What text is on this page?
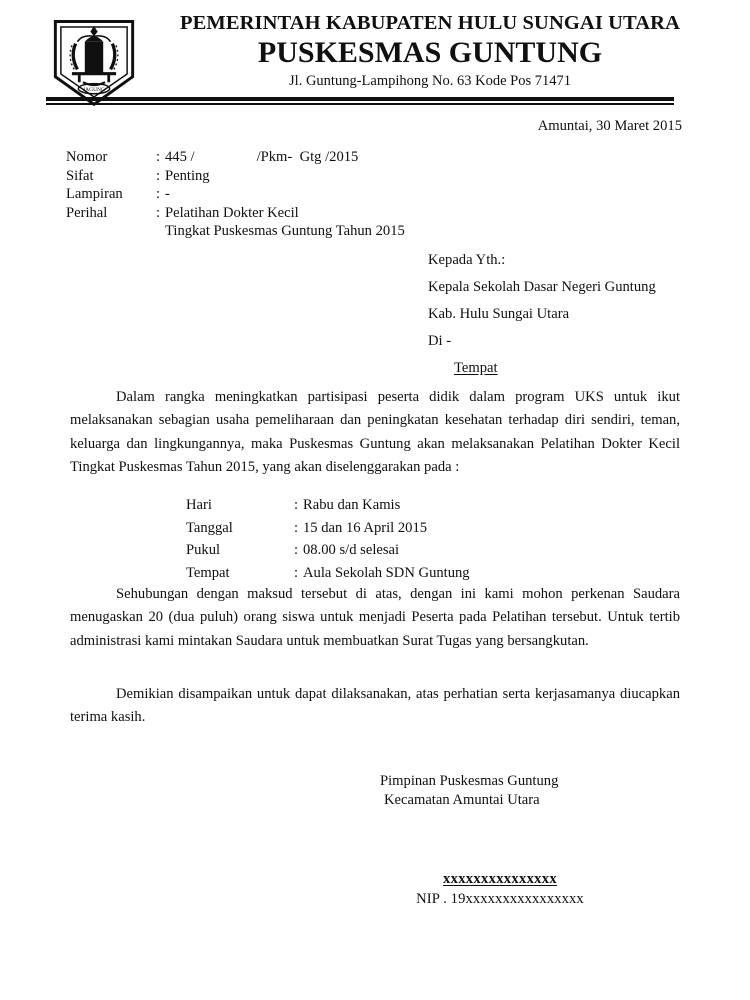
JAGUNG
PEMERINTAH KABUPATEN HULU SUNGAI UTARA
PUSKESMAS GUNTUNG
Jl. Guntung-Lampihong No. 63 Kode Pos 71471
Amuntai, 30 Maret 2015
Nomor	: 445 /	/Pkm-  Gtg /2015
Sifat	: Penting
Lampiran	: -
Perihal	: Pelatihan Dokter Kecil
Tingkat Puskesmas Guntung Tahun 2015
Kepada Yth.:
Kepala Sekolah Dasar Negeri Guntung
Kab. Hulu Sungai Utara
Di -
Tempat

Dalam rangka meningkatkan partisipasi peserta didik dalam program UKS untuk ikut melaksanakan sebagian usaha pemeliharaan dan peningkatan kesehatan terhadap diri sendiri, teman, keluarga dan lingkungannya, maka Puskesmas Guntung akan melaksanakan Pelatihan Dokter Kecil Tingkat Puskesmas Tahun 2015, yang akan diselenggarakan pada :

Hari	: Rabu dan Kamis
Tanggal	: 15 dan 16 April 2015
Pukul	: 08.00 s/d selesai
Tempat	: Aula Sekolah SDN Guntung

Sehubungan dengan maksud tersebut di atas, dengan ini kami mohon perkenan Saudara menugaskan 20 (dua puluh) orang siswa untuk menjadi Peserta pada Pelatihan tersebut. Untuk tertib administrasi kami mintakan Saudara untuk membuatkan Surat Tugas yang bersangkutan.

Demikian disampaikan untuk dapat dilaksanakan, atas perhatian serta kerjasamanya diucapkan terima kasih.

Pimpinan Puskesmas Guntung
Kecamatan Amuntai Utara
xxxxxxxxxxxxxxx
NIP . 19xxxxxxxxxxxxxxxx
